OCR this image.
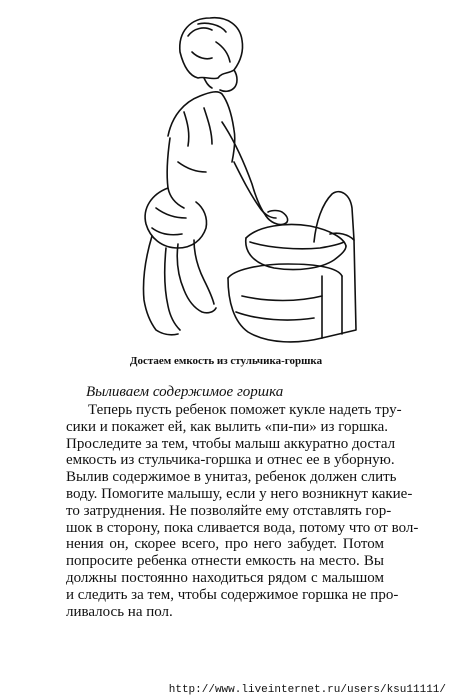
Достаем емкость из стульчика-горшка
Выливаем содержимое горшка
Теперь пусть ребенок поможет кукле надеть тру-
сики и покажет ей, как вылить «пи-пи» из горшка.
Проследите за тем, чтобы малыш аккуратно достал
емкость из стульчика-горшка и отнес ее в уборную.
Вылив содержимое в унитаз, ребенок должен слить
воду. Помогите малышу, если у него возникнут какие-
то затруднения. Не позволяйте ему отставлять гор-
шок в сторону, пока сливается вода, потому что от вол-
нения он, скорее всего, про него забудет. Потом
попросите ребенка отнести емкость на место. Вы
должны постоянно находиться рядом с малышом
и следить за тем, чтобы содержимое горшка не про-
ливалось на пол.
http://www.liveinternet.ru/users/ksu11111/
